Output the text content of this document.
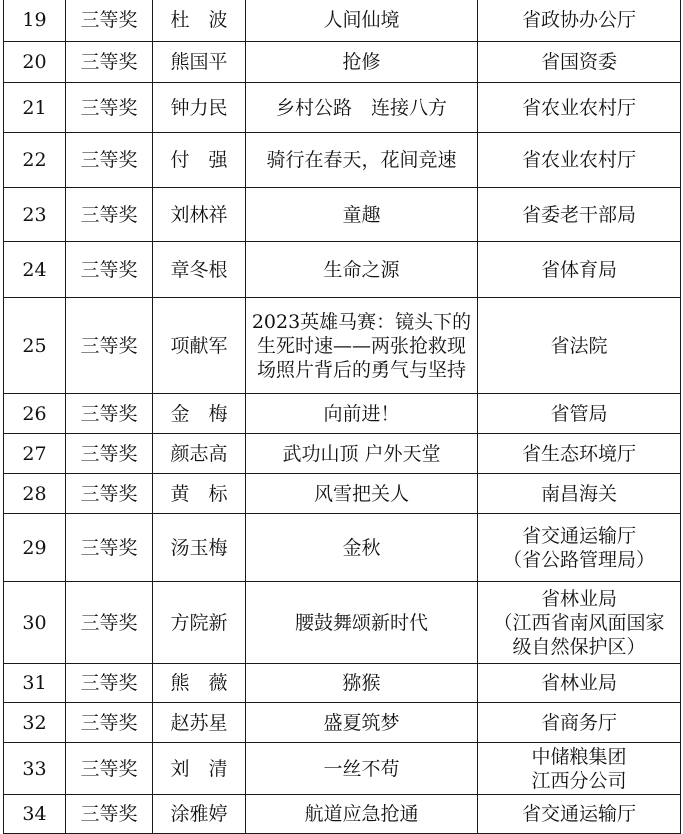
19	三等奖	杜　波	人间仙境	省政协办公厅

20	三等奖	熊国平	抢修	省国资委

21	三等奖	钟力民	乡村公路　连接八方	省农业农村厅

22	三等奖	付　强	骑行在春天，花间竞速	省农业农村厅

23	三等奖	刘林祥	童趣	省委老干部局

24	三等奖	章冬根	生命之源	省体育局

25	三等奖	项献军	2023英雄马赛：镜头下的生死时速——两张抢救现场照片背后的勇气与坚持	省法院

26	三等奖	金　梅	向前进！	省管局

27	三等奖	颜志高	武功山顶 户外天堂	省生态环境厅

28	三等奖	黄　标	风雪把关人	南昌海关

29	三等奖	汤玉梅	金秋	省交通运输厅
（省公路管理局）

30	三等奖	方院新	腰鼓舞颂新时代	省林业局
（江西省南风面国家
级自然保护区）

31	三等奖	熊　薇	猕猴	省林业局

32	三等奖	赵苏星	盛夏筑梦	省商务厅

33	三等奖	刘　清	一丝不苟	中储粮集团
江西分公司

34	三等奖	涂雅婷	航道应急抢通	省交通运输厅
